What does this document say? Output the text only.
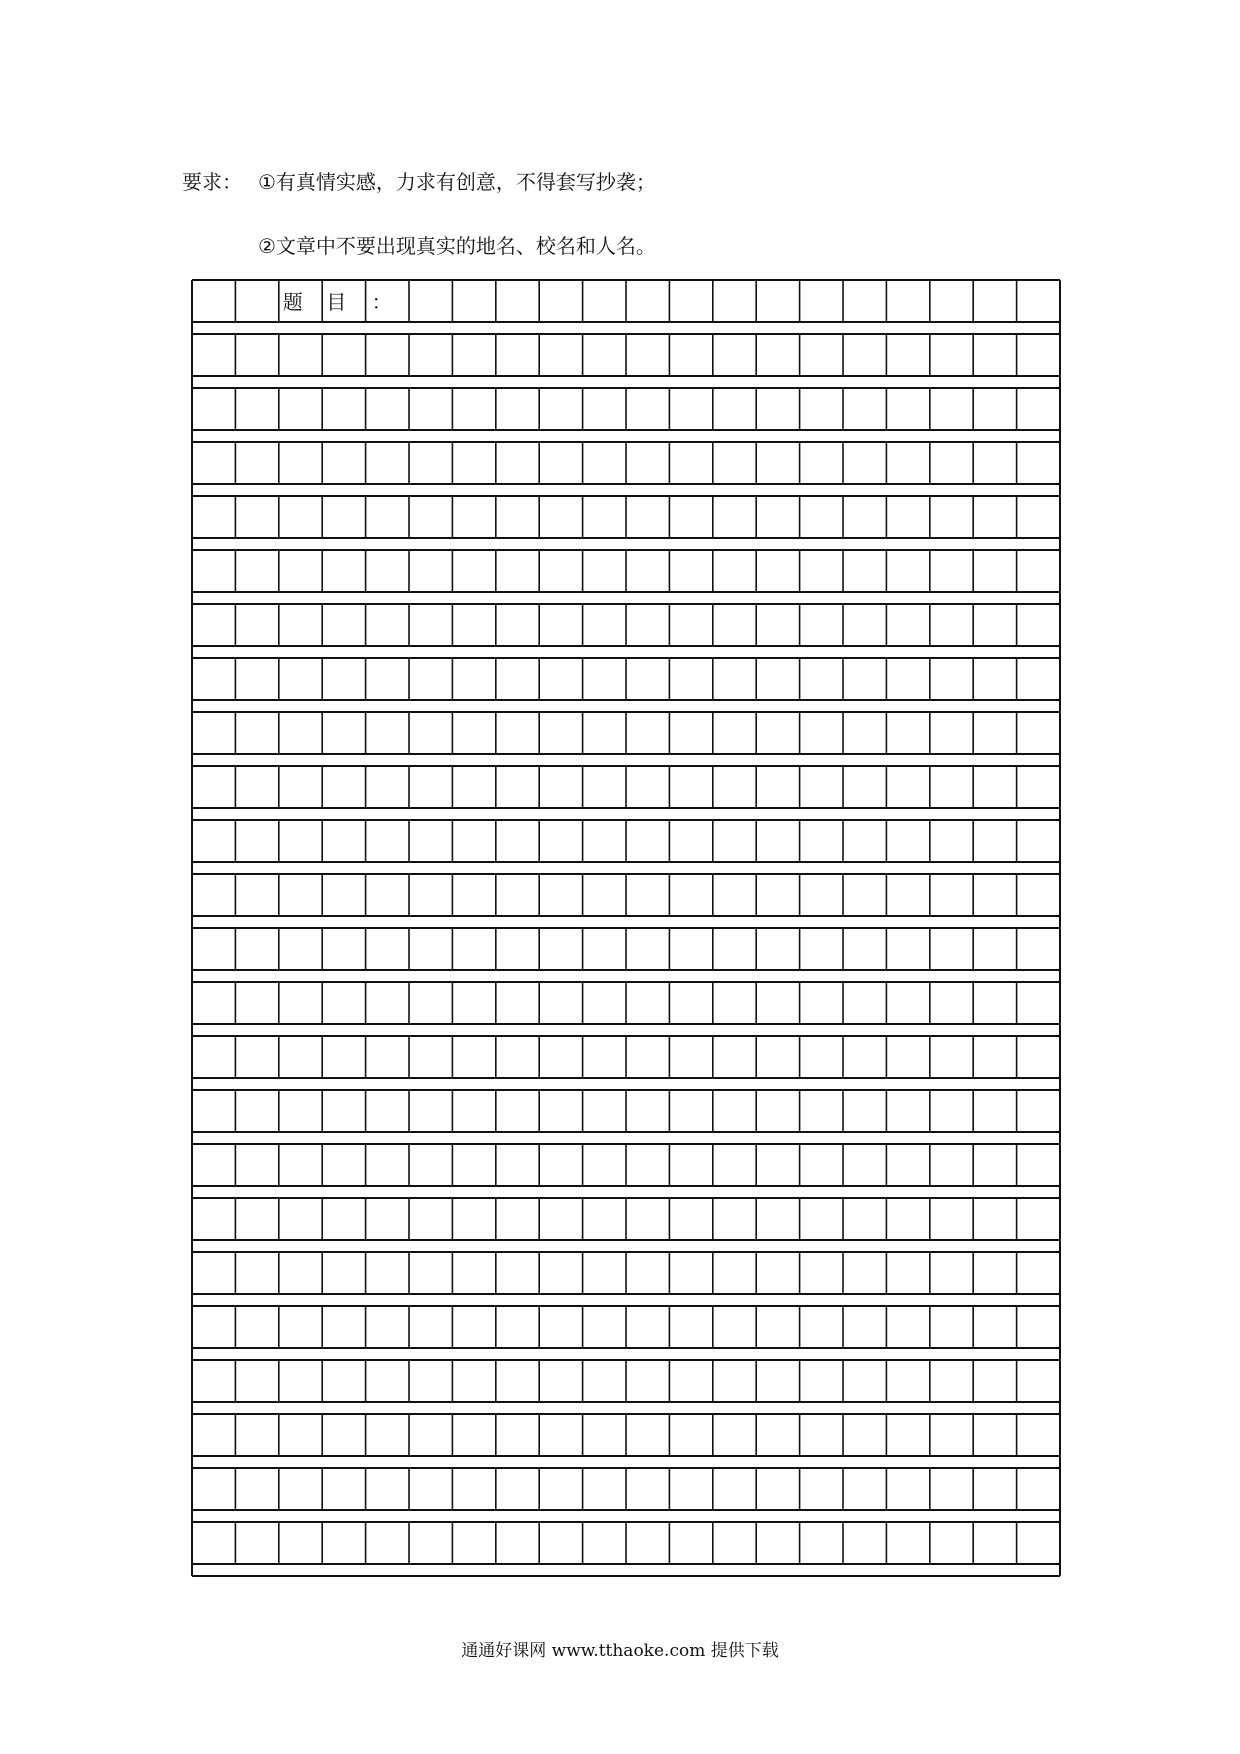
要求： ①有真情实感，力求有创意，不得套写抄袭；
②文章中不要出现真实的地名、校名和人名。
题 目 ：
通通好课网 www.tthaoke.com 提供下载
